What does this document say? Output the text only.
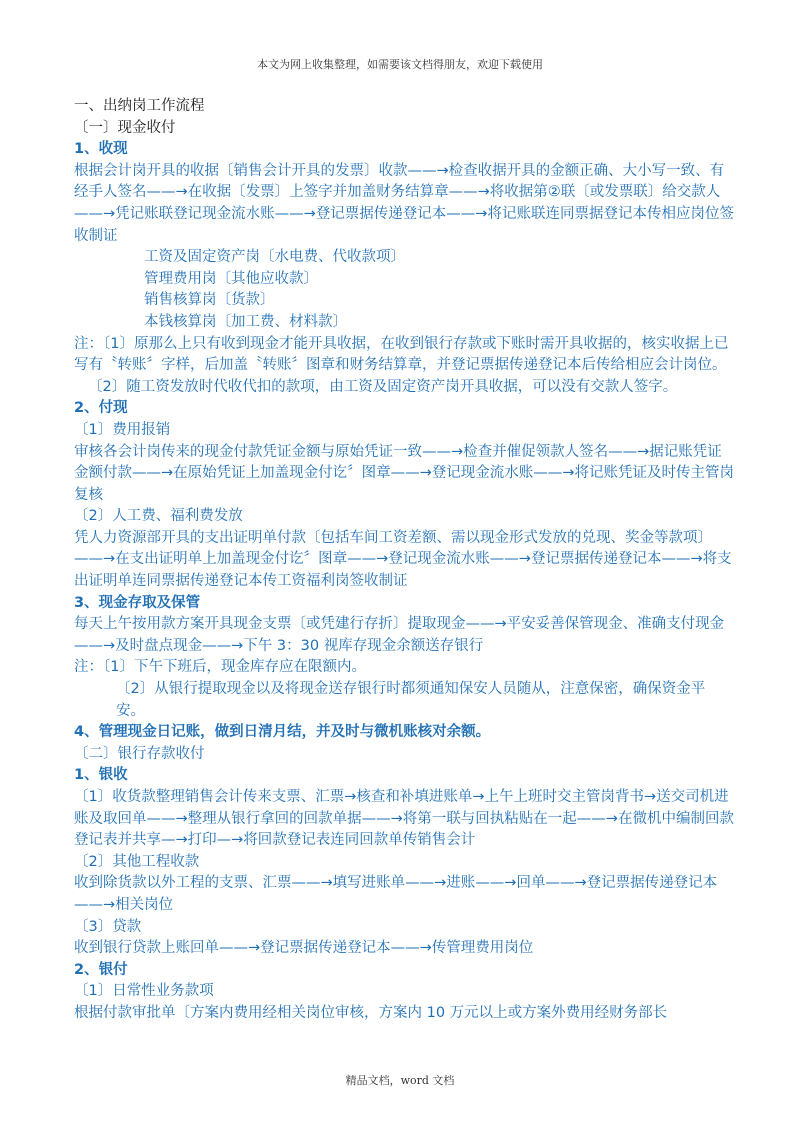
本文为网上收集整理，如需要该文档得朋友，欢迎下载使用

一、出纳岗工作流程

〔一〕现金收付

1、收现

根据会计岗开具的收据〔销售会计开具的发票〕收款——→检查收据开具的金额正确、大小写一致、有经手人签名——→在收据〔发票〕上签字并加盖财务结算章——→将收据第②联〔或发票联〕给交款人——→凭记账联登记现金流水账——→登记票据传递登记本——→将记账联连同票据登记本传相应岗位签收制证

工资及固定资产岗〔水电费、代收款项〕

管理费用岗〔其他应收款〕

销售核算岗〔货款〕

本钱核算岗〔加工费、材料款〕

注：〔1〕原那么上只有收到现金才能开具收据，在收到银行存款或下账时需开具收据的，核实收据上已写有〝转账〞字样，后加盖〝转账〞图章和财务结算章，并登记票据传递登记本后传给相应会计岗位。

〔2〕随工资发放时代收代扣的款项，由工资及固定资产岗开具收据，可以没有交款人签字。

2、付现

〔1〕费用报销

审核各会计岗传来的现金付款凭证金额与原始凭证一致——→检查并催促领款人签名——→据记账凭证金额付款——→在原始凭证上加盖现金付讫〞图章——→登记现金流水账——→将记账凭证及时传主管岗复核

〔2〕人工费、福利费发放

凭人力资源部开具的支出证明单付款〔包括车间工资差额、需以现金形式发放的兑现、奖金等款项〕——→在支出证明单上加盖现金付讫〞图章——→登记现金流水账——→登记票据传递登记本——→将支出证明单连同票据传递登记本传工资福利岗签收制证

3、现金存取及保管

每天上午按用款方案开具现金支票〔或凭建行存折〕提取现金——→平安妥善保管现金、准确支付现金——→及时盘点现金——→下午 3：30 视库存现金余额送存银行

注：〔1〕下午下班后，现金库存应在限额内。

〔2〕从银行提取现金以及将现金送存银行时都须通知保安人员随从，注意保密，确保资金平安。

4、管理现金日记账，做到日清月结，并及时与微机账核对余额。

〔二〕银行存款收付

1、银收

〔1〕收货款整理销售会计传来支票、汇票→核查和补填进账单→上午上班时交主管岗背书→送交司机进账及取回单——→整理从银行拿回的回款单据——→将第一联与回执粘贴在一起——→在微机中编制回款登记表并共享—→打印—→将回款登记表连同回款单传销售会计

〔2〕其他工程收款

收到除货款以外工程的支票、汇票——→填写进账单——→进账——→回单——→登记票据传递登记本——→相关岗位

〔3〕贷款

收到银行贷款上账回单——→登记票据传递登记本——→传管理费用岗位

2、银付

〔1〕日常性业务款项

根据付款审批单〔方案内费用经相关岗位审核，方案内 10 万元以上或方案外费用经财务部长

精品文档，word 文档
